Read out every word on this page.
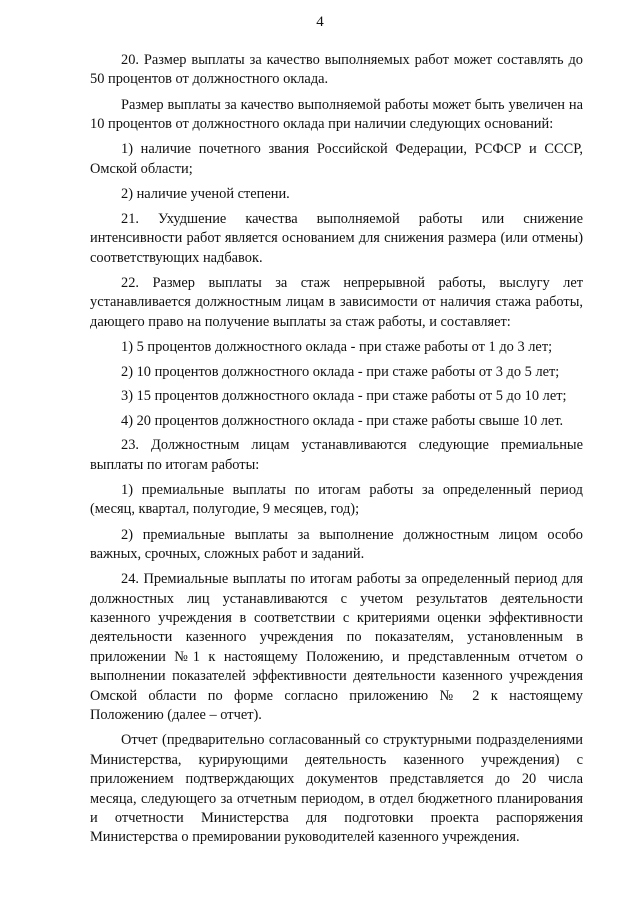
4

20. Размер выплаты за качество выполняемых работ может составлять до 50 процентов от должностного оклада.

Размер выплаты за качество выполняемой работы может быть увеличен на 10 процентов от должностного оклада при наличии следующих оснований:

1) наличие почетного звания Российской Федерации, РСФСР и СССР, Омской области;

2) наличие ученой степени.

21. Ухудшение качества выполняемой работы или снижение интенсивности работ является основанием для снижения размера (или отмены) соответствующих надбавок.

22. Размер выплаты за стаж непрерывной работы, выслугу лет устанавливается должностным лицам в зависимости от наличия стажа работы, дающего право на получение выплаты за стаж работы, и составляет:

1) 5 процентов должностного оклада - при стаже работы от 1 до 3 лет;

2) 10 процентов должностного оклада - при стаже работы от 3 до 5 лет;

3) 15 процентов должностного оклада - при стаже работы от 5 до 10 лет;

4) 20 процентов должностного оклада - при стаже работы свыше 10 лет.

23. Должностным лицам устанавливаются следующие премиальные выплаты по итогам работы:

1) премиальные выплаты по итогам работы за определенный период (месяц, квартал, полугодие, 9 месяцев, год);

2) премиальные выплаты за выполнение должностным лицом особо важных, срочных, сложных работ и заданий.

24. Премиальные выплаты по итогам работы за определенный период для должностных лиц устанавливаются с учетом результатов деятельности казенного учреждения в соответствии с критериями оценки эффективности деятельности казенного учреждения по показателям, установленным в приложении №1 к настоящему Положению, и представленным отчетом о выполнении показателей эффективности деятельности казенного учреждения Омской области по форме согласно приложению № 2 к настоящему Положению (далее – отчет).

Отчет (предварительно согласованный со структурными подразделениями Министерства, курирующими деятельность казенного учреждения) с приложением подтверждающих документов представляется до 20 числа месяца, следующего за отчетным периодом, в отдел бюджетного планирования и отчетности Министерства для подготовки проекта распоряжения Министерства о премировании руководителей казенного учреждения.
